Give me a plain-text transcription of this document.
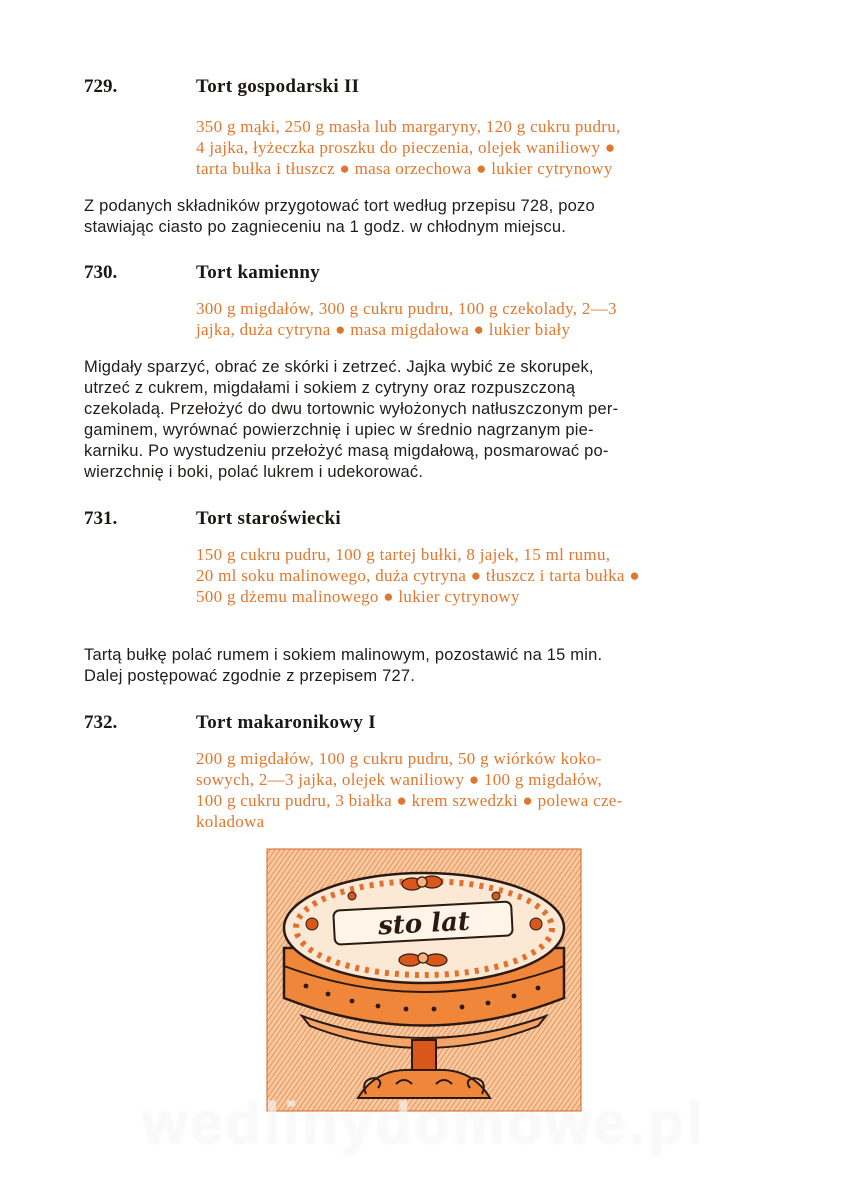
729.	Tort gospodarski II
350 g mąki, 250 g masła lub margaryny, 120 g cukru pudru,
4 jajka, łyżeczka proszku do pieczenia, olejek waniliowy ●
tarta bułka i tłuszcz ● masa orzechowa ● lukier cytrynowy
Z podanych składników przygotować tort według przepisu 728, pozo
stawiając ciasto po zagnieceniu na 1 godz. w chłodnym miejscu.
730.	Tort kamienny
300 g migdałów, 300 g cukru pudru, 100 g czekolady, 2—3
jajka, duża cytryna ● masa migdałowa ● lukier biały
Migdały sparzyć, obrać ze skórki i zetrzeć. Jajka wybić ze skorupek,
utrzeć z cukrem, migdałami i sokiem z cytryny oraz rozpuszczoną
czekoladą. Przełożyć do dwu tortownic wyłożonych natłuszczonym per-
gaminem, wyrównać powierzchnię i upiec w średnio nagrzanym pie-
karniku. Po wystudzeniu przełożyć masą migdałową, posmarować po-
wierzchnię i boki, polać lukrem i udekorować.
731.	Tort staroświecki
150 g cukru pudru, 100 g tartej bułki, 8 jajek, 15 ml rumu,
20 ml soku malinowego, duża cytryna ● tłuszcz i tarta bułka ●
500 g dżemu malinowego ● lukier cytrynowy
Tartą bułkę polać rumem i sokiem malinowym, pozostawić na 15 min.
Dalej postępować zgodnie z przepisem 727.
732.	Tort makaronikowy I
200 g migdałów, 100 g cukru pudru, 50 g wiórków koko-
sowych, 2—3 jajka, olejek waniliowy ● 100 g migdałów,
100 g cukru pudru, 3 białka ● krem szwedzki ● polewa cze-
koladowa
sto lat
wedlinydomowe.pl
